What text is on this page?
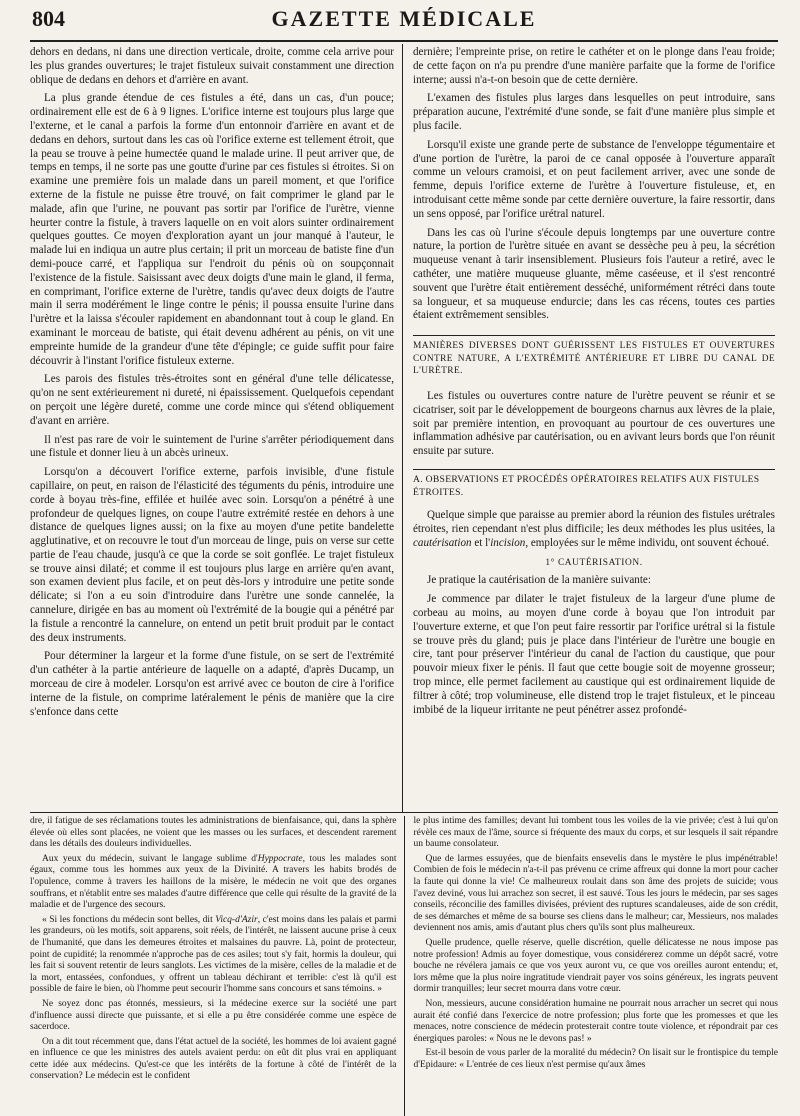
804	GAZETTE MÉDICALE

dehors en dedans, ni dans une direction verticale, droite, comme cela arrive pour les plus grandes ouvertures; le trajet fistuleux suivait constamment une direction oblique de dedans en dehors et d'arrière en avant.

La plus grande étendue de ces fistules a été, dans un cas, d'un pouce; ordinairement elle est de 6 à 9 lignes. L'orifice interne est toujours plus large que l'externe, et le canal a parfois la forme d'un entonnoir d'arrière en avant et de dedans en dehors, surtout dans les cas où l'orifice externe est tellement étroit, que la peau se trouve à peine humectée quand le malade urine. Il peut arriver que, de temps en temps, il ne sorte pas une goutte d'urine par ces fistules si étroites. Si on examine une première fois un malade dans un pareil moment, et que l'orifice externe de la fistule ne puisse être trouvé, on fait comprimer le gland par le malade, afin que l'urine, ne pouvant pas sortir par l'orifice de l'urètre, vienne heurter contre la fistule, à travers laquelle on en voit alors suinter ordinairement quelques gouttes. Ce moyen d'exploration ayant un jour manqué à l'auteur, le malade lui en indiqua un autre plus certain; il prit un morceau de batiste fine d'un demi-pouce carré, et l'appliqua sur l'endroit du pénis où on soupçonnait l'existence de la fistule. Saisissant avec deux doigts d'une main le gland, il ferma, en comprimant, l'orifice externe de l'urètre, tandis qu'avec deux doigts de l'autre main il serra modérément le linge contre le pénis; il poussa ensuite l'urine dans l'urètre et la laissa s'écouler rapidement en abandonnant tout à coup le gland. En examinant le morceau de batiste, qui était devenu adhérent au pénis, on vit une empreinte humide de la grandeur d'une tête d'épingle; ce guide suffit pour faire découvrir à l'instant l'orifice fistuleux externe.

Les parois des fistules très-étroites sont en général d'une telle délicatesse, qu'on ne sent extérieurement ni dureté, ni épaississement. Quelquefois cependant on perçoit une légère dureté, comme une corde mince qui s'étend obliquement d'avant en arrière.

Il n'est pas rare de voir le suintement de l'urine s'arrêter périodiquement dans une fistule et donner lieu à un abcès urineux.

Lorsqu'on a découvert l'orifice externe, parfois invisible, d'une fistule capillaire, on peut, en raison de l'élasticité des téguments du pénis, introduire une corde à boyau très-fine, effilée et huilée avec soin. Lorsqu'on a pénétré à une profondeur de quelques lignes, on coupe l'autre extrémité restée en dehors à une distance de quelques lignes aussi; on la fixe au moyen d'une petite bandelette agglutinative, et on recouvre le tout d'un morceau de linge, puis on verse sur cette partie de l'eau chaude, jusqu'à ce que la corde se soit gonflée. Le trajet fistuleux se trouve ainsi dilaté; et comme il est toujours plus large en arrière qu'en avant, son examen devient plus facile, et on peut dès-lors y introduire une petite sonde délicate; si l'on a eu soin d'introduire dans l'urètre une sonde cannelée, la cannelure, dirigée en bas au moment où l'extrémité de la bougie qui a pénétré par la fistule a rencontré la cannelure, on entend un petit bruit produit par le contact des deux instruments.

Pour déterminer la largeur et la forme d'une fistule, on se sert de l'extrémité d'un cathéter à la partie antérieure de laquelle on a adapté, d'après Ducamp, un morceau de cire à modeler. Lorsqu'on est arrivé avec ce bouton de cire à l'orifice interne de la fistule, on comprime latéralement le pénis de manière que la cire s'enfonce dans cette

dernière; l'empreinte prise, on retire le cathéter et on le plonge dans l'eau froide; de cette façon on n'a pu prendre d'une manière parfaite que la forme de l'orifice interne; aussi n'a-t-on besoin que de cette dernière.

L'examen des fistules plus larges dans lesquelles on peut introduire, sans préparation aucune, l'extrémité d'une sonde, se fait d'une manière plus simple et plus facile.

Lorsqu'il existe une grande perte de substance de l'enveloppe tégumentaire et d'une portion de l'urètre, la paroi de ce canal opposée à l'ouverture apparaît comme un velours cramoisi, et on peut facilement arriver, avec une sonde de femme, depuis l'orifice externe de l'urètre à l'ouverture fistuleuse, et, en introduisant cette même sonde par cette dernière ouverture, la faire ressortir, dans un sens opposé, par l'orifice urétral naturel.

Dans les cas où l'urine s'écoule depuis longtemps par une ouverture contre nature, la portion de l'urètre située en avant se dessèche peu à peu, la sécrétion muqueuse venant à tarir insensiblement. Plusieurs fois l'auteur a retiré, avec le cathéter, une matière muqueuse gluante, même caséeuse, et il s'est rencontré souvent que l'urètre était entièrement desséché, uniformément rétréci dans toute sa longueur, et sa muqueuse endurcie; dans les cas récens, toutes ces parties étaient extrêmement sensibles.

MANIÈRES DIVERSES DONT GUÉRISSENT LES FISTULES ET OUVERTURES CONTRE NATURE, A L'EXTRÉMITÉ ANTÉRIEURE ET LIBRE DU CANAL DE L'URÈTRE.

Les fistules ou ouvertures contre nature de l'urètre peuvent se réunir et se cicatriser, soit par le développement de bourgeons charnus aux lèvres de la plaie, soit par première intention, en provoquant au pourtour de ces ouvertures une inflammation adhésive par cautérisation, ou en avivant leurs bords que l'on réunit ensuite par suture.

A. OBSERVATIONS ET PROCÉDÉS OPÉRATOIRES RELATIFS AUX FISTULES ÉTROITES.

Quelque simple que paraisse au premier abord la réunion des fistules urétrales étroites, rien cependant n'est plus difficile; les deux méthodes les plus usitées, la cautérisation et l'incision, employées sur le même individu, ont souvent échoué.

1° CAUTÉRISATION.

Je pratique la cautérisation de la manière suivante:

Je commence par dilater le trajet fistuleux de la largeur d'une plume de corbeau au moins, au moyen d'une corde à boyau que l'on introduit par l'ouverture externe, et que l'on peut faire ressortir par l'orifice urétral si la fistule se trouve près du gland; puis je place dans l'intérieur de l'urètre une bougie en cire, tant pour préserver l'intérieur du canal de l'action du caustique, que pour pouvoir mieux fixer le pénis. Il faut que cette bougie soit de moyenne grosseur; trop mince, elle permet facilement au caustique qui est ordinairement liquide de filtrer à côté; trop volumineuse, elle distend trop le trajet fistuleux, et le pinceau imbibé de la liqueur irritante ne peut pénétrer assez profondé-

dre, il fatigue de ses réclamations toutes les administrations de bienfaisance, qui, dans la sphère élevée où elles sont placées, ne voient que les masses ou les surfaces, et descendent rarement dans les détails des douleurs individuelles.

Aux yeux du médecin, suivant le langage sublime d'Hyppocrate, tous les malades sont égaux, comme tous les hommes aux yeux de la Divinité. A travers les habits brodés de l'opulence, comme à travers les haillons de la misère, le médecin ne voit que des organes souffrans, et n'établit entre ses malades d'autre différence que celle qui résulte de la gravité de la maladie et de l'urgence des secours.

« Si les fonctions du médecin sont belles, dit Vicq-d'Azir, c'est moins dans les palais et parmi les grandeurs, où les motifs, soit apparens, soit réels, de l'intérêt, ne laissent aucune prise à ceux de l'humanité, que dans les demeures étroites et malsaines du pauvre. Là, point de protecteur, point de cupidité; la renommée n'approche pas de ces asiles; tout s'y fait, hormis la douleur, qui les fait si souvent retentir de leurs sanglots. Les victimes de la misère, celles de la maladie et de la mort, entassées, confondues, y offrent un tableau déchirant et terrible: c'est là qu'il est possible de faire le bien, où l'homme peut secourir l'homme sans concours et sans témoins. »

Ne soyez donc pas étonnés, messieurs, si la médecine exerce sur la société une part d'influence aussi directe que puissante, et si elle a pu être considérée comme une espèce de sacerdoce.

On a dit tout récemment que, dans l'état actuel de la société, les hommes de loi avaient gagné en influence ce que les ministres des autels avaient perdu: on eût dit plus vrai en appliquant cette idée aux médecins. Qu'est-ce que les intérêts de la fortune à côté de l'intérêt de la conservation? Le médecin est le confident

le plus intime des familles; devant lui tombent tous les voiles de la vie privée; c'est à lui qu'on révèle ces maux de l'âme, source si fréquente des maux du corps, et sur lesquels il sait répandre un baume consolateur.

Que de larmes essuyées, que de bienfaits ensevelis dans le mystère le plus impénétrable! Combien de fois le médecin n'a-t-il pas prévenu ce crime affreux qui donne la mort pour cacher la faute qui donne la vie! Ce malheureux roulait dans son âme des projets de suicide; vous l'avez deviné, vous lui arrachez son secret, il est sauvé. Tous les jours le médecin, par ses sages conseils, réconcilie des familles divisées, prévient des ruptures scandaleuses, aide de son crédit, de ses démarches et même de sa bourse ses cliens dans le malheur; car, Messieurs, nos malades deviennent nos amis, amis d'autant plus chers qu'ils sont plus malheureux.

Quelle prudence, quelle réserve, quelle discrétion, quelle délicatesse ne nous impose pas notre profession! Admis au foyer domestique, vous considérerez comme un dépôt sacré, votre bouche ne révélera jamais ce que vos yeux auront vu, ce que vos oreilles auront entendu; et, lors même que la plus noire ingratitude viendrait payer vos soins généreux, les ingrats peuvent dormir tranquilles; leur secret mourra dans votre cœur.

Non, messieurs, aucune considération humaine ne pourrait nous arracher un secret qui nous aurait été confié dans l'exercice de notre profession; plus forte que les promesses et que les menaces, notre conscience de médecin protesterait contre toute violence, et répondrait par ces énergiques paroles: « Nous ne le devons pas! »

Est-il besoin de vous parler de la moralité du médecin? On lisait sur le frontispice du temple d'Epidaure: « L'entrée de ces lieux n'est permise qu'aux âmes
